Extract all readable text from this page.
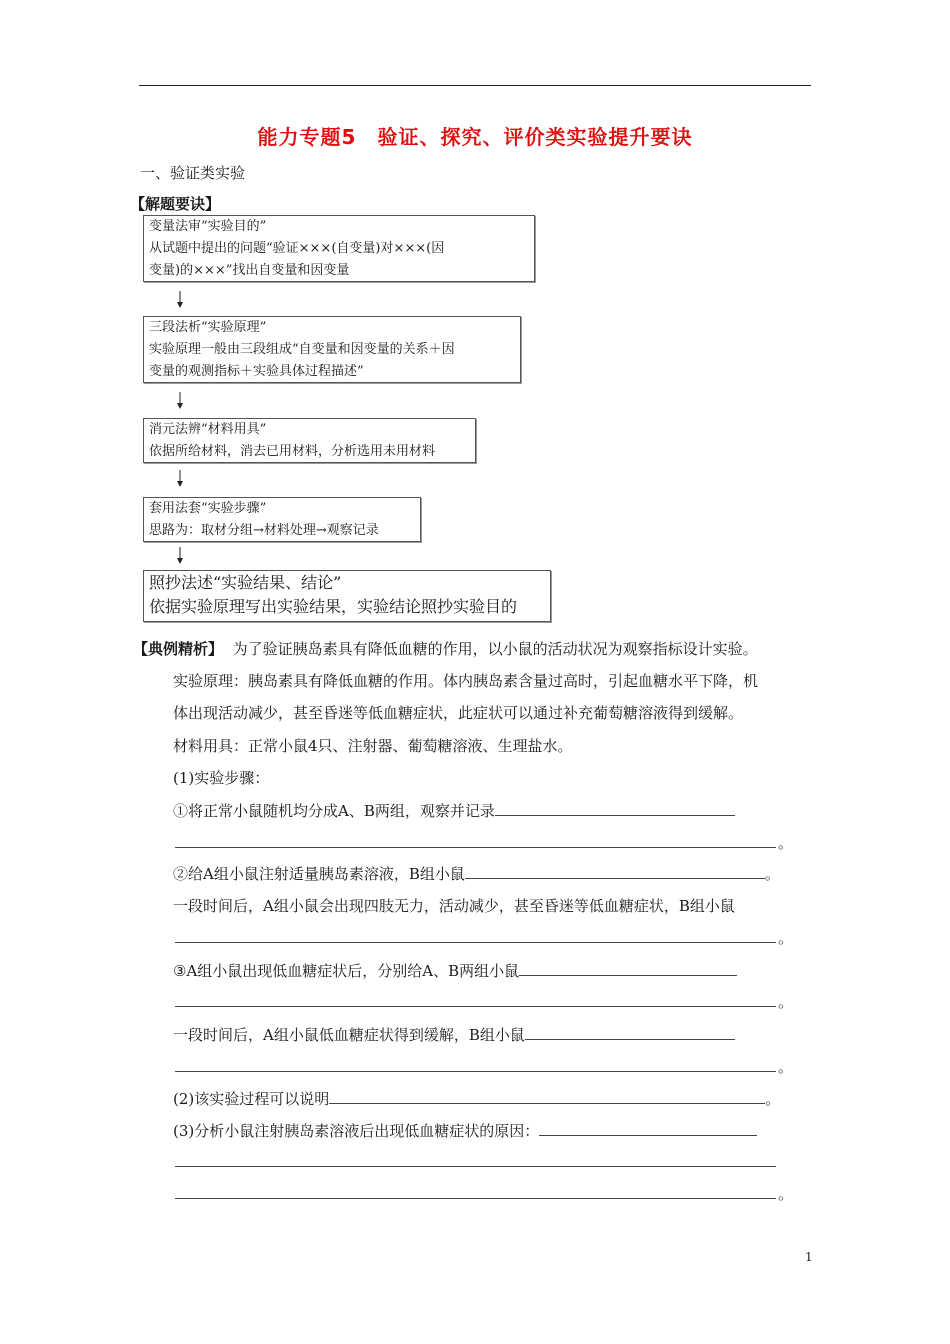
能力专题5　验证、探究、评价类实验提升要诀
一、验证类实验
【解题要诀】
变量法审“实验目的”
从试题中提出的问题“验证×××(自变量)对×××(因
变量)的×××”找出自变量和因变量
三段法析“实验原理”
实验原理一般由三段组成“自变量和因变量的关系＋因
变量的观测指标＋实验具体过程描述”
消元法辨“材料用具”
依据所给材料，消去已用材料，分析选用未用材料
套用法套“实验步骤”
思路为：取材分组→材料处理→观察记录
照抄法述“实验结果、结论”
依据实验原理写出实验结果，实验结论照抄实验目的
【典例精析】 为了验证胰岛素具有降低血糖的作用，以小鼠的活动状况为观察指标设计实验。
实验原理：胰岛素具有降低血糖的作用。体内胰岛素含量过高时，引起血糖水平下降，机
体出现活动减少，甚至昏迷等低血糖症状，此症状可以通过补充葡萄糖溶液得到缓解。
材料用具：正常小鼠4只、注射器、葡萄糖溶液、生理盐水。
(1)实验步骤：
①将正常小鼠随机均分成A、B两组，观察并记录
。
②给A组小鼠注射适量胰岛素溶液，B组小鼠	。
一段时间后，A组小鼠会出现四肢无力，活动减少，甚至昏迷等低血糖症状，B组小鼠
。
③A组小鼠出现低血糖症状后，分别给A、B两组小鼠
。
一段时间后，A组小鼠低血糖症状得到缓解，B组小鼠
。
(2)该实验过程可以说明	。
(3)分析小鼠注射胰岛素溶液后出现低血糖症状的原因：
。
1
